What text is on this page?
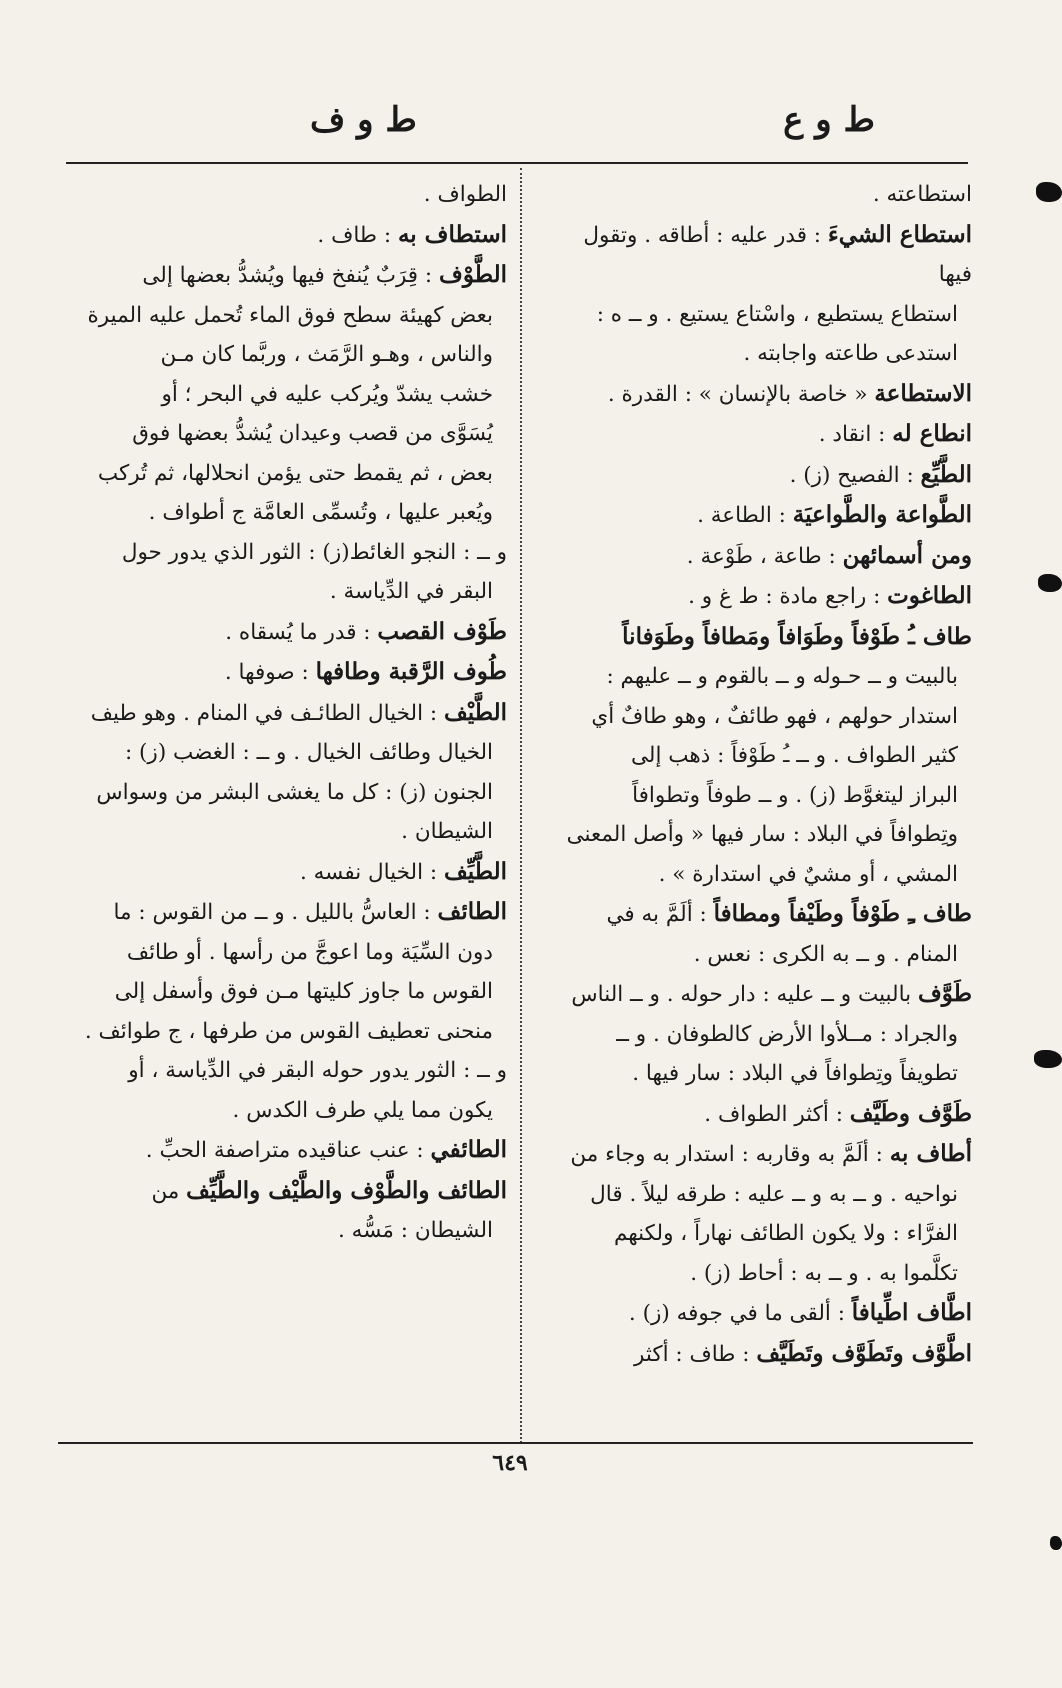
ط و ع
ط و ف
استطاعته .
استطاع الشيءَ : قدر عليه : أطاقه . وتقول فيها
استطاع يستطيع ، واسْتاع يستيع . و ــ ه :
استدعى طاعته واجابته .
الاستطاعة « خاصة بالإنسان » : القدرة .
انطاع له : انقاد .
الطَّيِّع : الفصيح (ز) .
الطَّواعة والطَّواعيَة : الطاعة .
ومن أسمائهن : طاعة ، طَوْعة .
الطاغوت : راجع مادة : ط غ و .
طاف ـُ طَوْفاً وطَوَافاً ومَطافاً وطَوَفاناً
بالبيت و ــ حـوله و ــ بالقوم و ــ عليهم :
استدار حولهم ، فهو طائفٌ ، وهو طافٌ أي
كثير الطواف . و ــ ـُ طَوْفاً : ذهب إلى
البراز ليتغوَّط (ز) . و ــ طوفاً وتطوافاً
وتِطوافاً في البلاد : سار فيها « وأصل المعنى
المشي ، أو مشيٌ في استدارة » .
طاف ـِ طَوْفاً وطَيْفاً ومطافاً : ألَمَّ به في
المنام . و ــ به الكرى : نعس .
طَوَّف بالبيت و ــ عليه : دار حوله . و ــ الناس
والجراد : مــلأوا الأرض كالطوفان . و ــ
تطويفاً وتِطوافاً في البلاد : سار فيها .
طَوَّف وطَيَّف : أكثر الطواف .
أطاف به : ألَمَّ به وقاربه : استدار به وجاء من
نواحيه . و ــ به و ــ عليه : طرقه ليلاً . قال
الفرَّاء : ولا يكون الطائف نهاراً ، ولكنهم
تكلَّموا به . و ــ به : أحاط (ز) .
اطَّاف اطِّيافاً : ألقى ما في جوفه (ز) .
اطَّوَّف وتَطَوَّف وتَطَيَّف : طاف : أكثر
الطواف .
استطاف به : طاف .
الطَّوْف : قِرَبٌ يُنفخ فيها ويُشدُّ بعضها إلى
بعض كهيئة سطح فوق الماء تُحمل عليه الميرة
والناس ، وهـو الرَّمَث ، وربَّما كان مـن
خشب يشدّ ويُركب عليه في البحر ؛ أو
يُسَوَّى من قصب وعيدان يُشدُّ بعضها فوق
بعض ، ثم يقمط حتى يؤمن انحلالها، ثم تُركب
ويُعبر عليها ، وتُسمِّى العامَّة ج أطواف .
و ــ : النجو الغائط(ز) : الثور الذي يدور حول
البقر في الدِّياسة .
طَوْف القصب : قدر ما يُسقاه .
طُوف الرَّقبة وطافها : صوفها .
الطَّيْف : الخيال الطائـف في المنام . وهو طيف
الخيال وطائف الخيال . و ــ : الغضب (ز) :
الجنون (ز) : كل ما يغشى البشر من وسواس
الشيطان .
الطَّيِّف : الخيال نفسه .
الطائف : العاسُّ بالليل . و ــ من القوس : ما
دون السِّيَة وما اعوجَّ من رأسها . أو طائف
القوس ما جاوز كليتها مـن فوق وأسفل إلى
منحنى تعطيف القوس من طرفها ، ج طوائف .
و ــ : الثور يدور حوله البقر في الدِّياسة ، أو
يكون مما يلي طرف الكدس .
الطائفي : عنب عناقيده متراصفة الحبِّ .
الطائف والطَّوْف والطَّيْف والطَّيِّف من
الشيطان : مَسُّه .
٦٤٩
